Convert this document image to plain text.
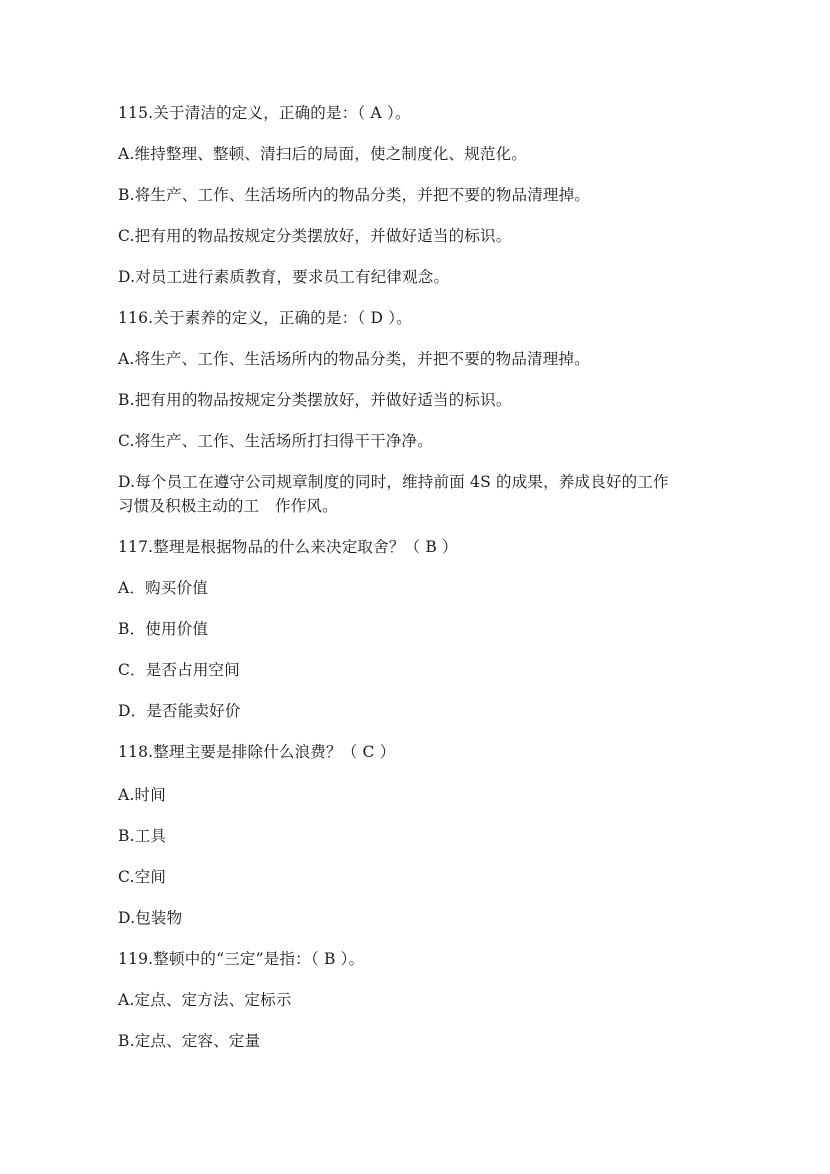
115.关于清洁的定义，正确的是：（ A ）。
A.维持整理、整顿、清扫后的局面，使之制度化、规范化。
B.将生产、工作、生活场所内的物品分类，并把不要的物品清理掉。
C.把有用的物品按规定分类摆放好，并做好适当的标识。
D.对员工进行素质教育，要求员工有纪律观念。
116.关于素养的定义，正确的是：（ D ）。
A.将生产、工作、生活场所内的物品分类，并把不要的物品清理掉。
B.把有用的物品按规定分类摆放好，并做好适当的标识。
C.将生产、工作、生活场所打扫得干干净净。
D.每个员工在遵守公司规章制度的同时，维持前面 4S 的成果，养成良好的工作
习惯及积极主动的工　作作风。
117.整理是根据物品的什么来决定取舍？（ B ）
A．购买价值
B．使用价值
C．是否占用空间
D．是否能卖好价
118.整理主要是排除什么浪费？（ C ）
A.时间
B.工具
C.空间
D.包装物
119.整顿中的“三定”是指：（ B ）。
A.定点、定方法、定标示
B.定点、定容、定量
